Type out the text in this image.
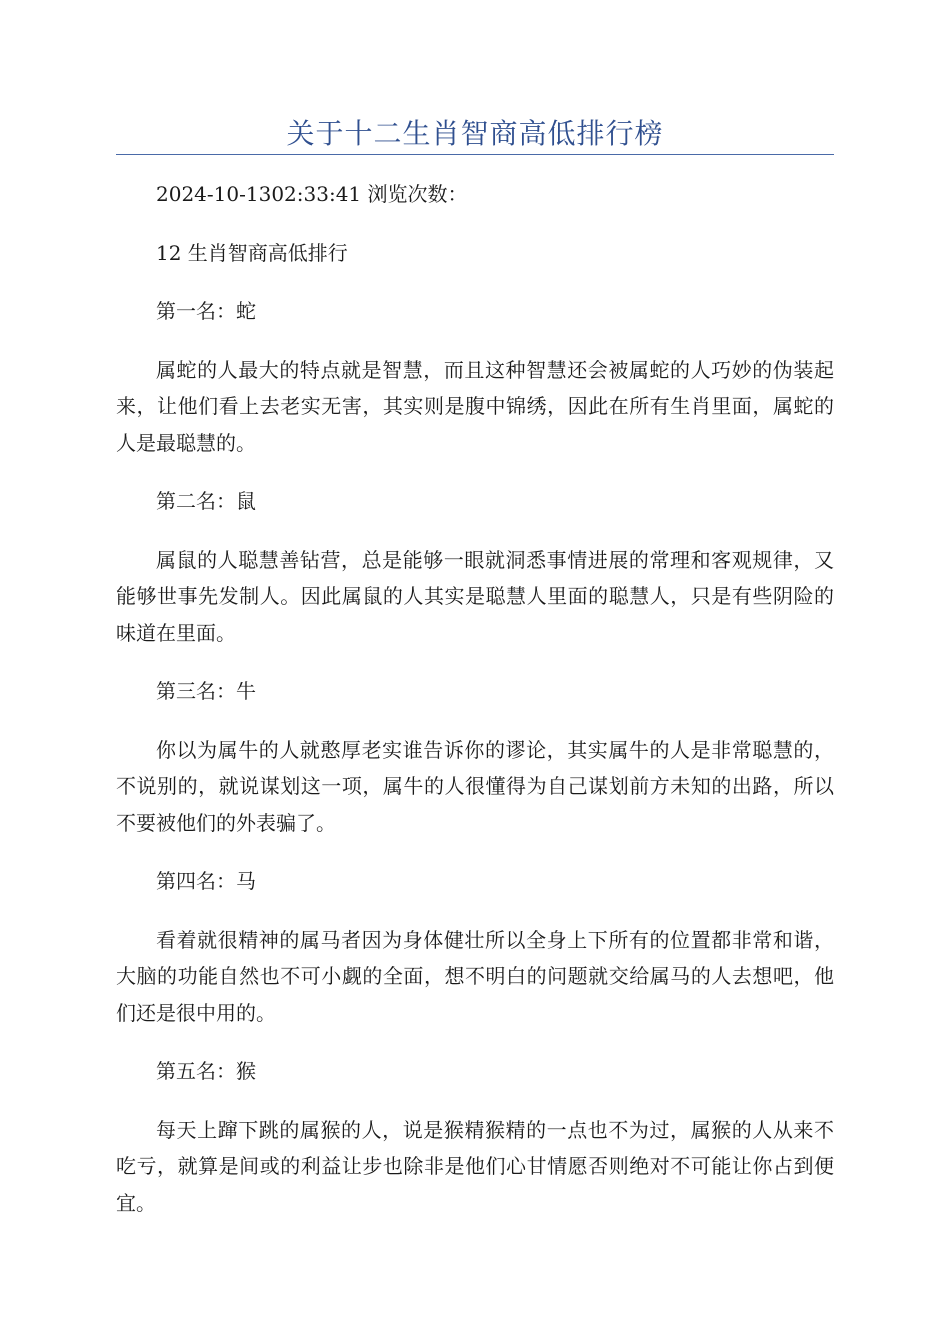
关于十二生肖智商高低排行榜

2024-10-1302:33:41 浏览次数：

12 生肖智商高低排行

第一名：蛇

属蛇的人最大的特点就是智慧，而且这种智慧还会被属蛇的人巧妙的伪装起来，让他们看上去老实无害，其实则是腹中锦绣，因此在所有生肖里面，属蛇的人是最聪慧的。

第二名：鼠

属鼠的人聪慧善钻营，总是能够一眼就洞悉事情进展的常理和客观规律，又能够世事先发制人。因此属鼠的人其实是聪慧人里面的聪慧人，只是有些阴险的味道在里面。

第三名：牛

你以为属牛的人就憨厚老实谁告诉你的谬论，其实属牛的人是非常聪慧的，不说别的，就说谋划这一项，属牛的人很懂得为自己谋划前方未知的出路，所以不要被他们的外表骗了。

第四名：马

看着就很精神的属马者因为身体健壮所以全身上下所有的位置都非常和谐，大脑的功能自然也不可小觑的全面，想不明白的问题就交给属马的人去想吧，他们还是很中用的。

第五名：猴

每天上蹿下跳的属猴的人，说是猴精猴精的一点也不为过，属猴的人从来不吃亏，就算是间或的利益让步也除非是他们心甘情愿否则绝对不可能让你占到便宜。
